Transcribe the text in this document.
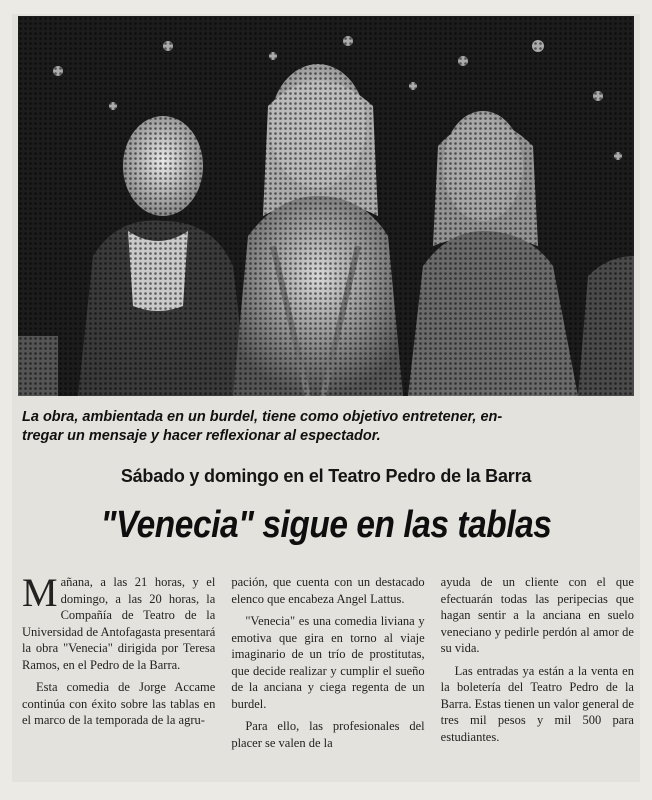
La obra, ambientada en un burdel, tiene como objetivo entretener, en-
tregar un mensaje y hacer reflexionar al espectador.
Sábado y domingo en el Teatro Pedro de la Barra
"Venecia" sigue en las tablas

Mañana, a las 21 horas, y el domingo, a las 20 horas, la Compañía de Teatro de la Universidad de Antofagasta presentará la obra "Venecia" dirigida por Teresa Ramos, en el Pedro de la Barra.

Esta comedia de Jorge Accame continúa con éxito sobre las tablas en el marco de la temporada de la agru-

pación, que cuenta con un destacado elenco que encabeza Angel Lattus.

"Venecia" es una comedia liviana y emotiva que gira en torno al viaje imaginario de un trío de prostitutas, que decide realizar y cumplir el sueño de la anciana y ciega regenta de un burdel.

Para ello, las profesionales del placer se valen de la

ayuda de un cliente con el que efectuarán todas las peripecias que hagan sentir a la anciana en suelo veneciano y pedirle perdón al amor de su vida.

Las entradas ya están a la venta en la boletería del Teatro Pedro de la Barra. Estas tienen un valor general de tres mil pesos y mil 500 para estudiantes.
